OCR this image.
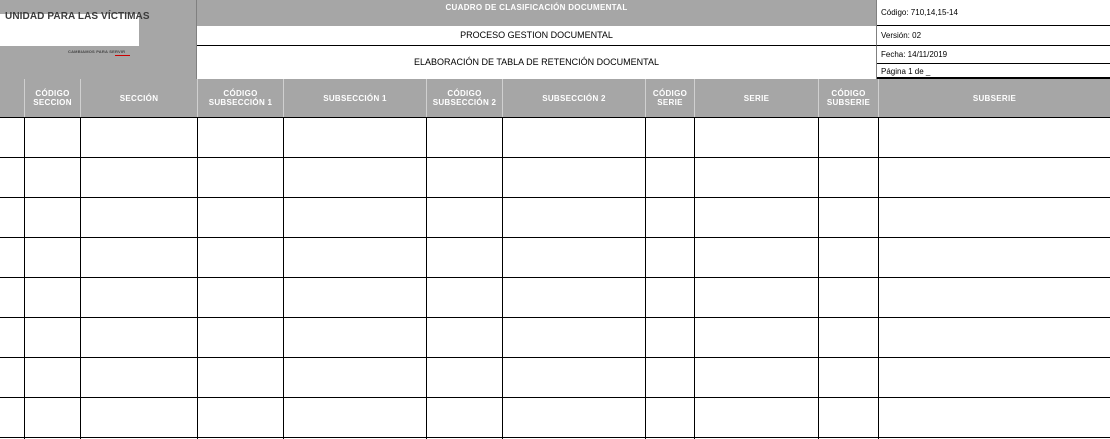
UNIDAD PARA LAS VÍCTIMAS
CAMBIAMOS PARA SERVIR
CUADRO DE CLASIFICACIÓN DOCUMENTAL
PROCESO GESTION DOCUMENTAL
ELABORACIÓN DE TABLA DE RETENCIÓN DOCUMENTAL
Código: 710,14,15-14
Versión: 02
Fecha: 14/11/2019
Página 1 de _
CÓDIGO SECCION	SECCIÓN	CÓDIGO SUBSECCIÓN 1	SUBSECCIÓN 1	CÓDIGO SUBSECCIÓN 2	SUBSECCIÓN 2	CÓDIGO SERIE	SERIE	CÓDIGO SUBSERIE	SUBSERIE
